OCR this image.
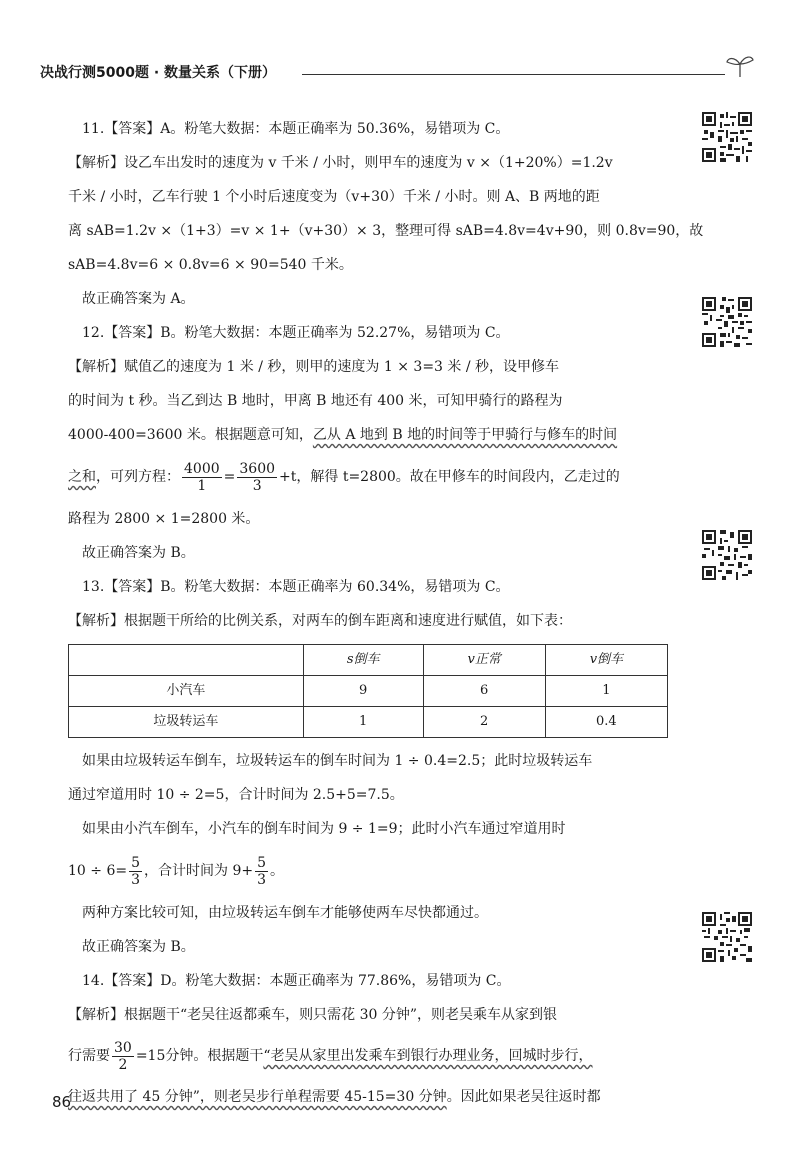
决战行测5000题 · 数量关系（下册）

11.【答案】A。粉笔大数据：本题正确率为 50.36%，易错项为 C。

【解析】设乙车出发时的速度为 v 千米 / 小时，则甲车的速度为 v ×（1+20%）=1.2v

千米 / 小时，乙车行驶 1 个小时后速度变为（v+30）千米 / 小时。则 A、B 两地的距

离 sAB=1.2v ×（1+3）=v × 1+（v+30）× 3，整理可得 sAB=4.8v=4v+90，则 0.8v=90，故

sAB=4.8v=6 × 0.8v=6 × 90=540 千米。

故正确答案为 A。

12.【答案】B。粉笔大数据：本题正确率为 52.27%，易错项为 C。

【解析】赋值乙的速度为 1 米 / 秒，则甲的速度为 1 × 3=3 米 / 秒，设甲修车

的时间为 t 秒。当乙到达 B 地时，甲离 B 地还有 400 米，可知甲骑行的路程为

4000-400=3600 米。根据题意可知，乙从 A 地到 B 地的时间等于甲骑行与修车的时间

之和，可列方程： $\frac{4000}{1} = \frac{3600}{3} +t$，解得 t=2800。故在甲修车的时间段内，乙走过的

路程为 2800 × 1=2800 米。

故正确答案为 B。

13.【答案】B。粉笔大数据：本题正确率为 60.34%，易错项为 C。

【解析】根据题干所给的比例关系，对两车的倒车距离和速度进行赋值，如下表：

	s倒车	v正常	v倒车
小汽车	9	6	1
垃圾转运车	1	2	0.4

如果由垃圾转运车倒车，垃圾转运车的倒车时间为 1 ÷ 0.4=2.5；此时垃圾转运车

通过窄道用时 10 ÷ 2=5，合计时间为 2.5+5=7.5。

如果由小汽车倒车，小汽车的倒车时间为 9 ÷ 1=9；此时小汽车通过窄道用时

$10 \div 6= \frac{5}{3}$ ，合计时间为 $9+ \frac{5}{3}$ 。

两种方案比较可知，由垃圾转运车倒车才能够使两车尽快都通过。

故正确答案为 B。

14.【答案】D。粉笔大数据：本题正确率为 77.86%，易错项为 C。

【解析】根据题干“老吴往返都乘车，则只需花 30 分钟”，则老吴乘车从家到银

行需要 $\frac{30}{2} =15$分钟。根据题干“老吴从家里出发乘车到银行办理业务，回城时步行，

往返共用了 45 分钟”，则老吴步行单程需要 45-15=30 分钟。因此如果老吴往返时都

86
